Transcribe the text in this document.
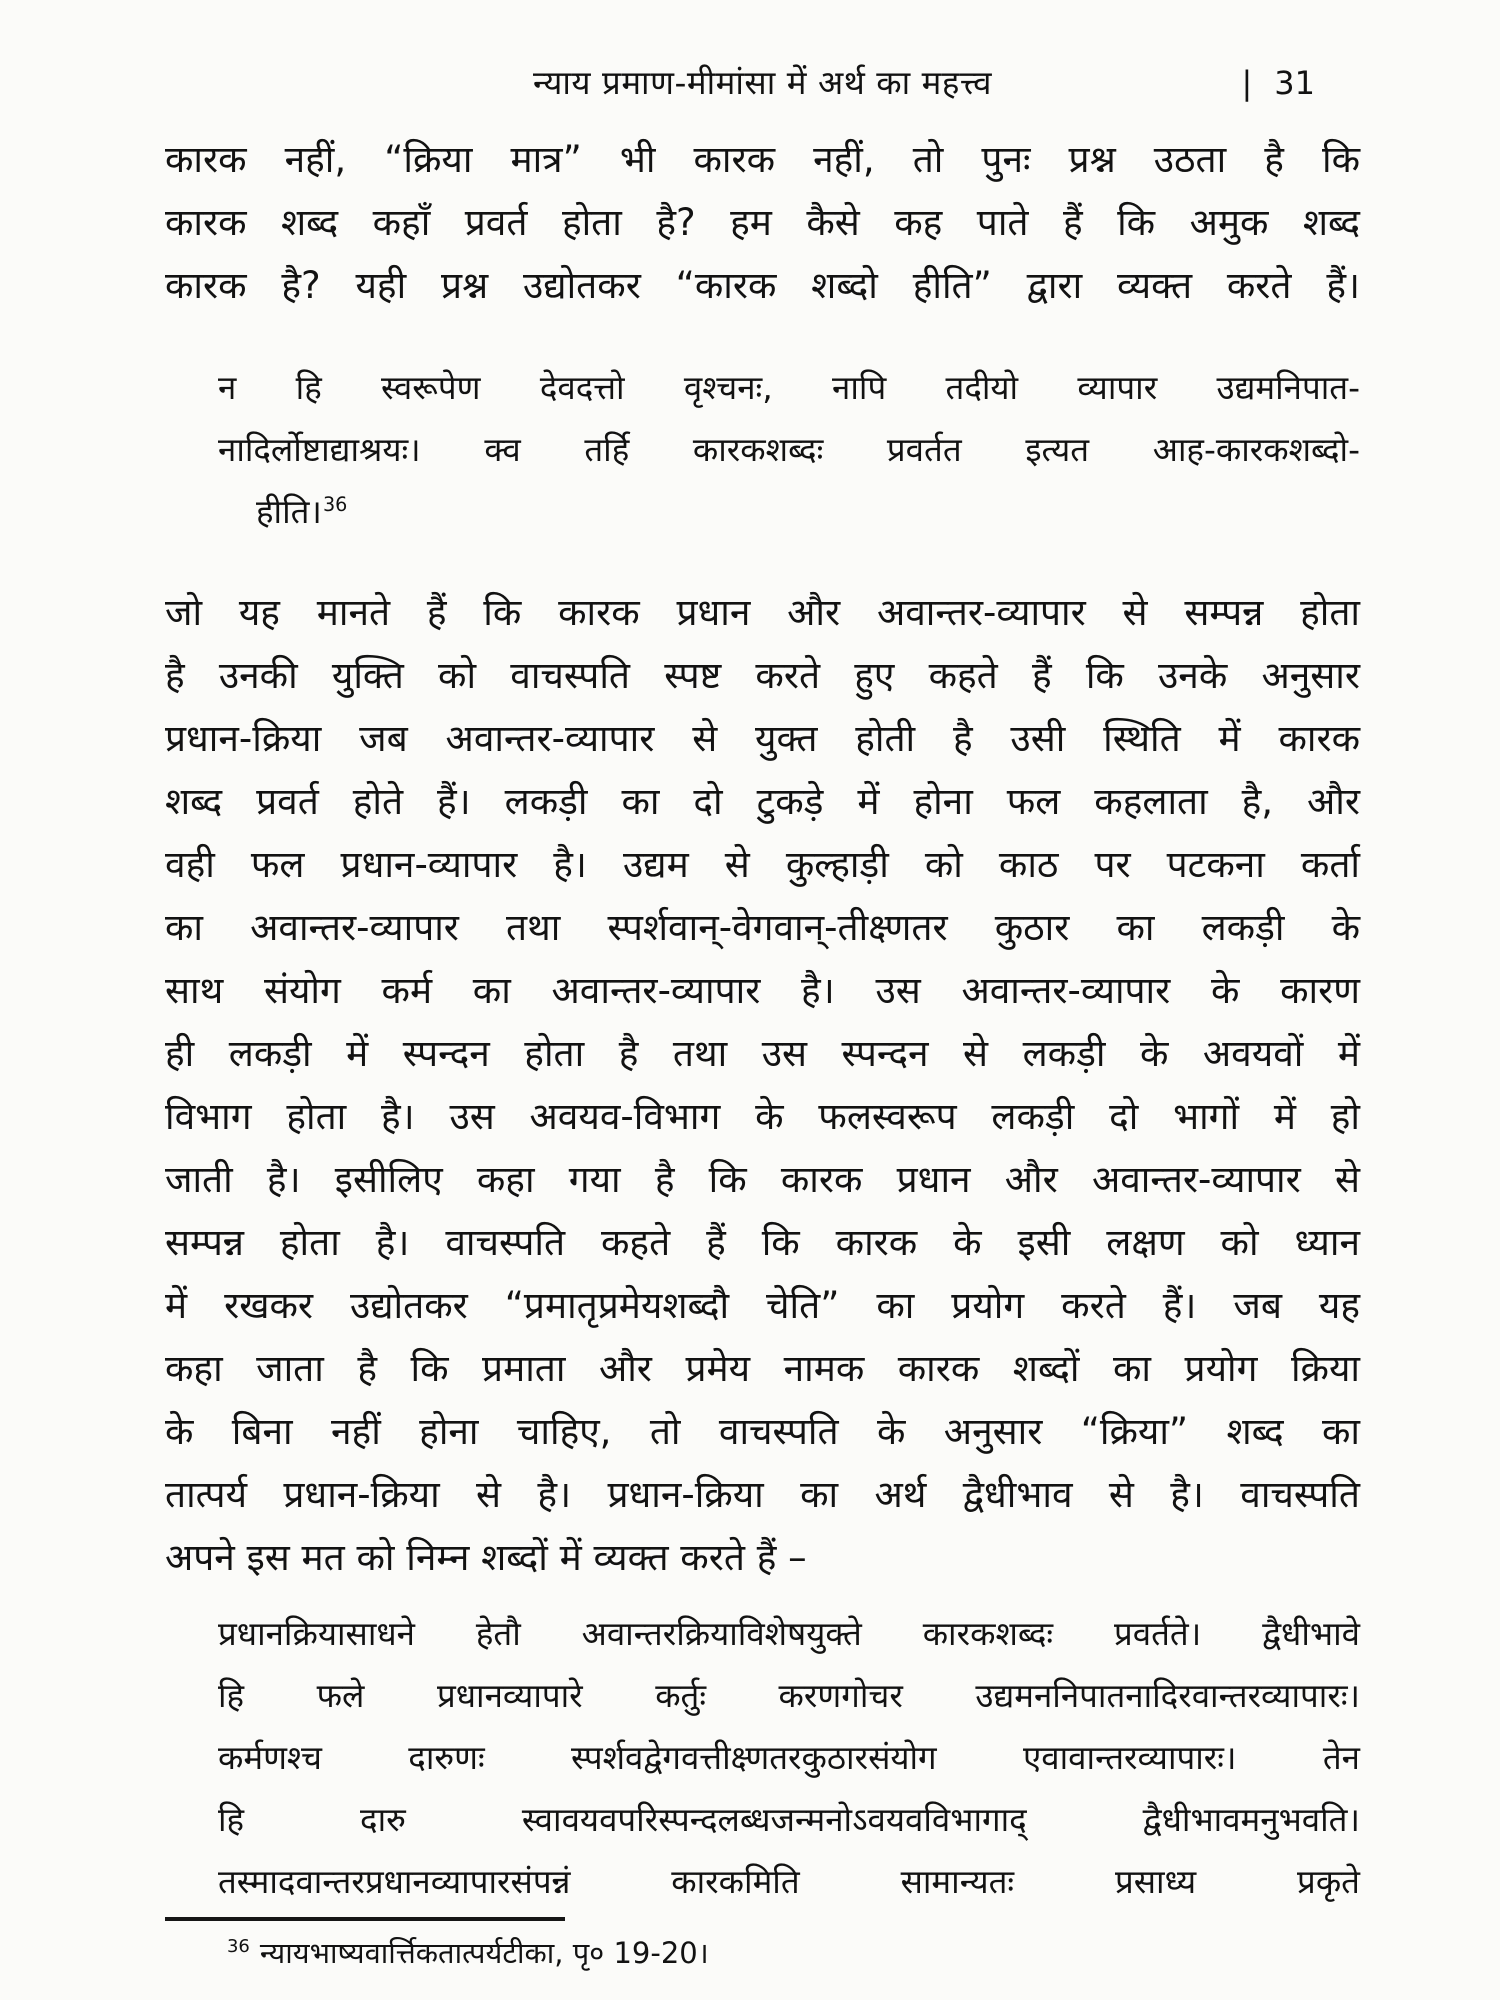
न्याय प्रमाण-मीमांसा में अर्थ का महत्त्व	| 31
कारक नहीं, “क्रिया मात्र” भी कारक नहीं, तो पुनः प्रश्न उठता है कि
कारक शब्द कहाँ प्रवर्त होता है? हम कैसे कह पाते हैं कि अमुक शब्द
कारक है? यही प्रश्न उद्योतकर “कारक शब्दो हीति” द्वारा व्यक्त करते हैं।
न हि स्वरूपेण देवदत्तो वृश्चनः, नापि तदीयो व्यापार उद्यमनिपात-
नादिर्लोष्टाद्याश्रयः। क्व तर्हि कारकशब्दः प्रवर्तत इत्यत आह-कारकशब्दो-
हीति।$^{36}$
जो यह मानते हैं कि कारक प्रधान और अवान्तर-व्यापार से सम्पन्न होता
है उनकी युक्ति को वाचस्पति स्पष्ट करते हुए कहते हैं कि उनके अनुसार
प्रधान-क्रिया जब अवान्तर-व्यापार से युक्त होती है उसी स्थिति में कारक
शब्द प्रवर्त होते हैं। लकड़ी का दो टुकड़े में होना फल कहलाता है, और
वही फल प्रधान-व्यापार है। उद्यम से कुल्हाड़ी को काठ पर पटकना कर्ता
का अवान्तर-व्यापार तथा स्पर्शवान्-वेगवान्-तीक्ष्णतर कुठार का लकड़ी के
साथ संयोग कर्म का अवान्तर-व्यापार है। उस अवान्तर-व्यापार के कारण
ही लकड़ी में स्पन्दन होता है तथा उस स्पन्दन से लकड़ी के अवयवों में
विभाग होता है। उस अवयव-विभाग के फलस्वरूप लकड़ी दो भागों में हो
जाती है। इसीलिए कहा गया है कि कारक प्रधान और अवान्तर-व्यापार से
सम्पन्न होता है। वाचस्पति कहते हैं कि कारक के इसी लक्षण को ध्यान
में रखकर उद्योतकर “प्रमातृप्रमेयशब्दौ चेति” का प्रयोग करते हैं। जब यह
कहा जाता है कि प्रमाता और प्रमेय नामक कारक शब्दों का प्रयोग क्रिया
के बिना नहीं होना चाहिए, तो वाचस्पति के अनुसार “क्रिया” शब्द का
तात्पर्य प्रधान-क्रिया से है। प्रधान-क्रिया का अर्थ द्वैधीभाव से है। वाचस्पति
अपने इस मत को निम्न शब्दों में व्यक्त करते हैं –
प्रधानक्रियासाधने हेतौ अवान्तरक्रियाविशेषयुक्ते कारकशब्दः प्रवर्तते। द्वैधीभावे
हि फले प्रधानव्यापारे कर्तुः करणगोचर उद्यमननिपातनादिरवान्तरव्यापारः।
कर्मणश्च दारुणः स्पर्शवद्वेगवत्तीक्ष्णतरकुठारसंयोग एवावान्तरव्यापारः। तेन
हि दारु स्वावयवपरिस्पन्दलब्धजन्मनोऽवयवविभागाद् द्वैधीभावमनुभवति।
तस्मादवान्तरप्रधानव्यापारसंपन्नं कारकमिति सामान्यतः प्रसाध्य प्रकृते
$^{36}$ न्यायभाष्यवार्त्तिकतात्पर्यटीका, पृ० 19-20।
